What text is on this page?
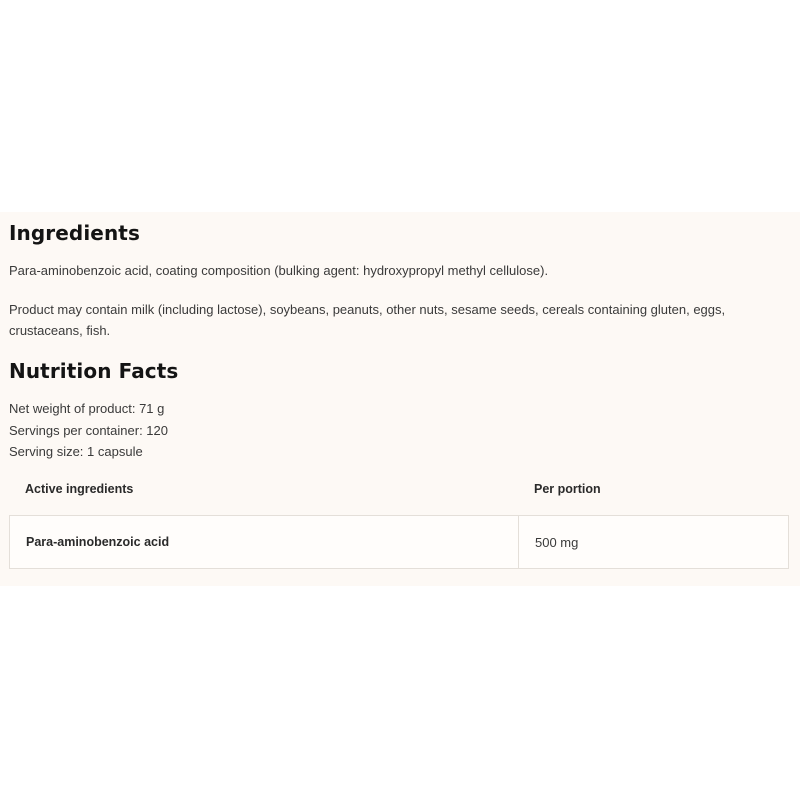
Ingredients

Para-aminobenzoic acid, coating composition (bulking agent: hydroxypropyl methyl cellulose).

Product may contain milk (including lactose), soybeans, peanuts, other nuts, sesame seeds, cereals containing gluten, eggs, crustaceans, fish.

Nutrition Facts
Net weight of product: 71 g
Servings per container: 120
Serving size: 1 capsule
Active ingredients	Per portion
Para-aminobenzoic acid	500 mg
